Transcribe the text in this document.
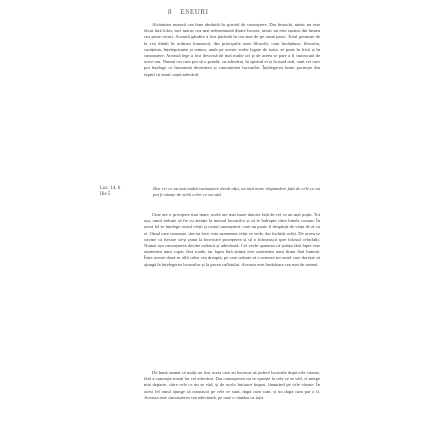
8 ESEURI
Alcătuirea noastră cea bine rânduită în spiritul de cunoaștere. Dar întrucât, nimic nu este făcut fără folos, nici măcar cea mai neînsemnată dintre lucruri, nimic nu este sustras din lumea cea peste ceruri. Această gândire a fost părăsită în cea mai de pe urmă parte. Totul pornește de la cea dintâi în ordinea lumească, din principiile unei filosofii, cum învățătura, filosofia, curățenia, înțelepciunea și natura, unde pe aceste vorbe legate de toate, se pune în frică și în cunoaștere. Această lege a fost descrisă de mai multe ori și de aceea se pare a fi cunoscută de orice om. Numai cei care pot să o prindă, cu adevărat, în spiritul ei și în mod real, sunt cei care pot înțelege ce înseamnă devenirea și cunoașterea lucrurilor. Înțelegerea lumii pornește din faptul că omul caută adevărul.
Luc. 14, 6
Ilie 5
Dar cei ce au mai multă cunoaștere decât alții, au mai mare răspundere față de cele ce nu pot fi văzute de ochii celor ce nu văd.
Cine are o pricepere mai mare, acela are mai mare datorie față de cei ce au mai puțin. Tot așa, omul trebuie să fie cu atenție la mersul lucrurilor și să le îndrepte către binele comun. În acest fel se înțelege rostul vieții și rostul cunoașterii, care nu poate fi despărțit de viața de zi cu zi. Omul care cunoaște, dar nu face, este asemenea celui ce vede, dar închide ochii. De aceea se cuvine ca fiecare să-și pună la încercare priceperea și să o folosească spre folosul celorlalți. Numai așa cunoașterea devine rodnică și adevărată. Cei vechi spuneau că știința fără fapte este asemenea unui copac fără roade, iar fapta fără știință este asemenea unui drum fără lumină. Între aceste două se află calea cea dreaptă, pe care trebuie să o urmeze tot omul care dorește să ajungă la înțelegerea lucrurilor și la pacea sufletului. Aceasta este învățătura cea mai de seamă.
De bună seamă că mulți au fost aceia care au încercat să judece lucrurile după cele văzute, fără a cunoaște rostul lor cel adevărat. Dar cunoașterea nu se oprește la cele ce se văd, ci merge mai departe, către cele ce nu se văd, și de acolo întoarce înapoi, lămurind pe cele văzute. În acest fel omul ajunge să cunoască pe cele ce sunt, după cum sunt, și nu după cum par a fi. Aceasta este cunoașterea cea adevărată, pe care o căutăm cu toții.
